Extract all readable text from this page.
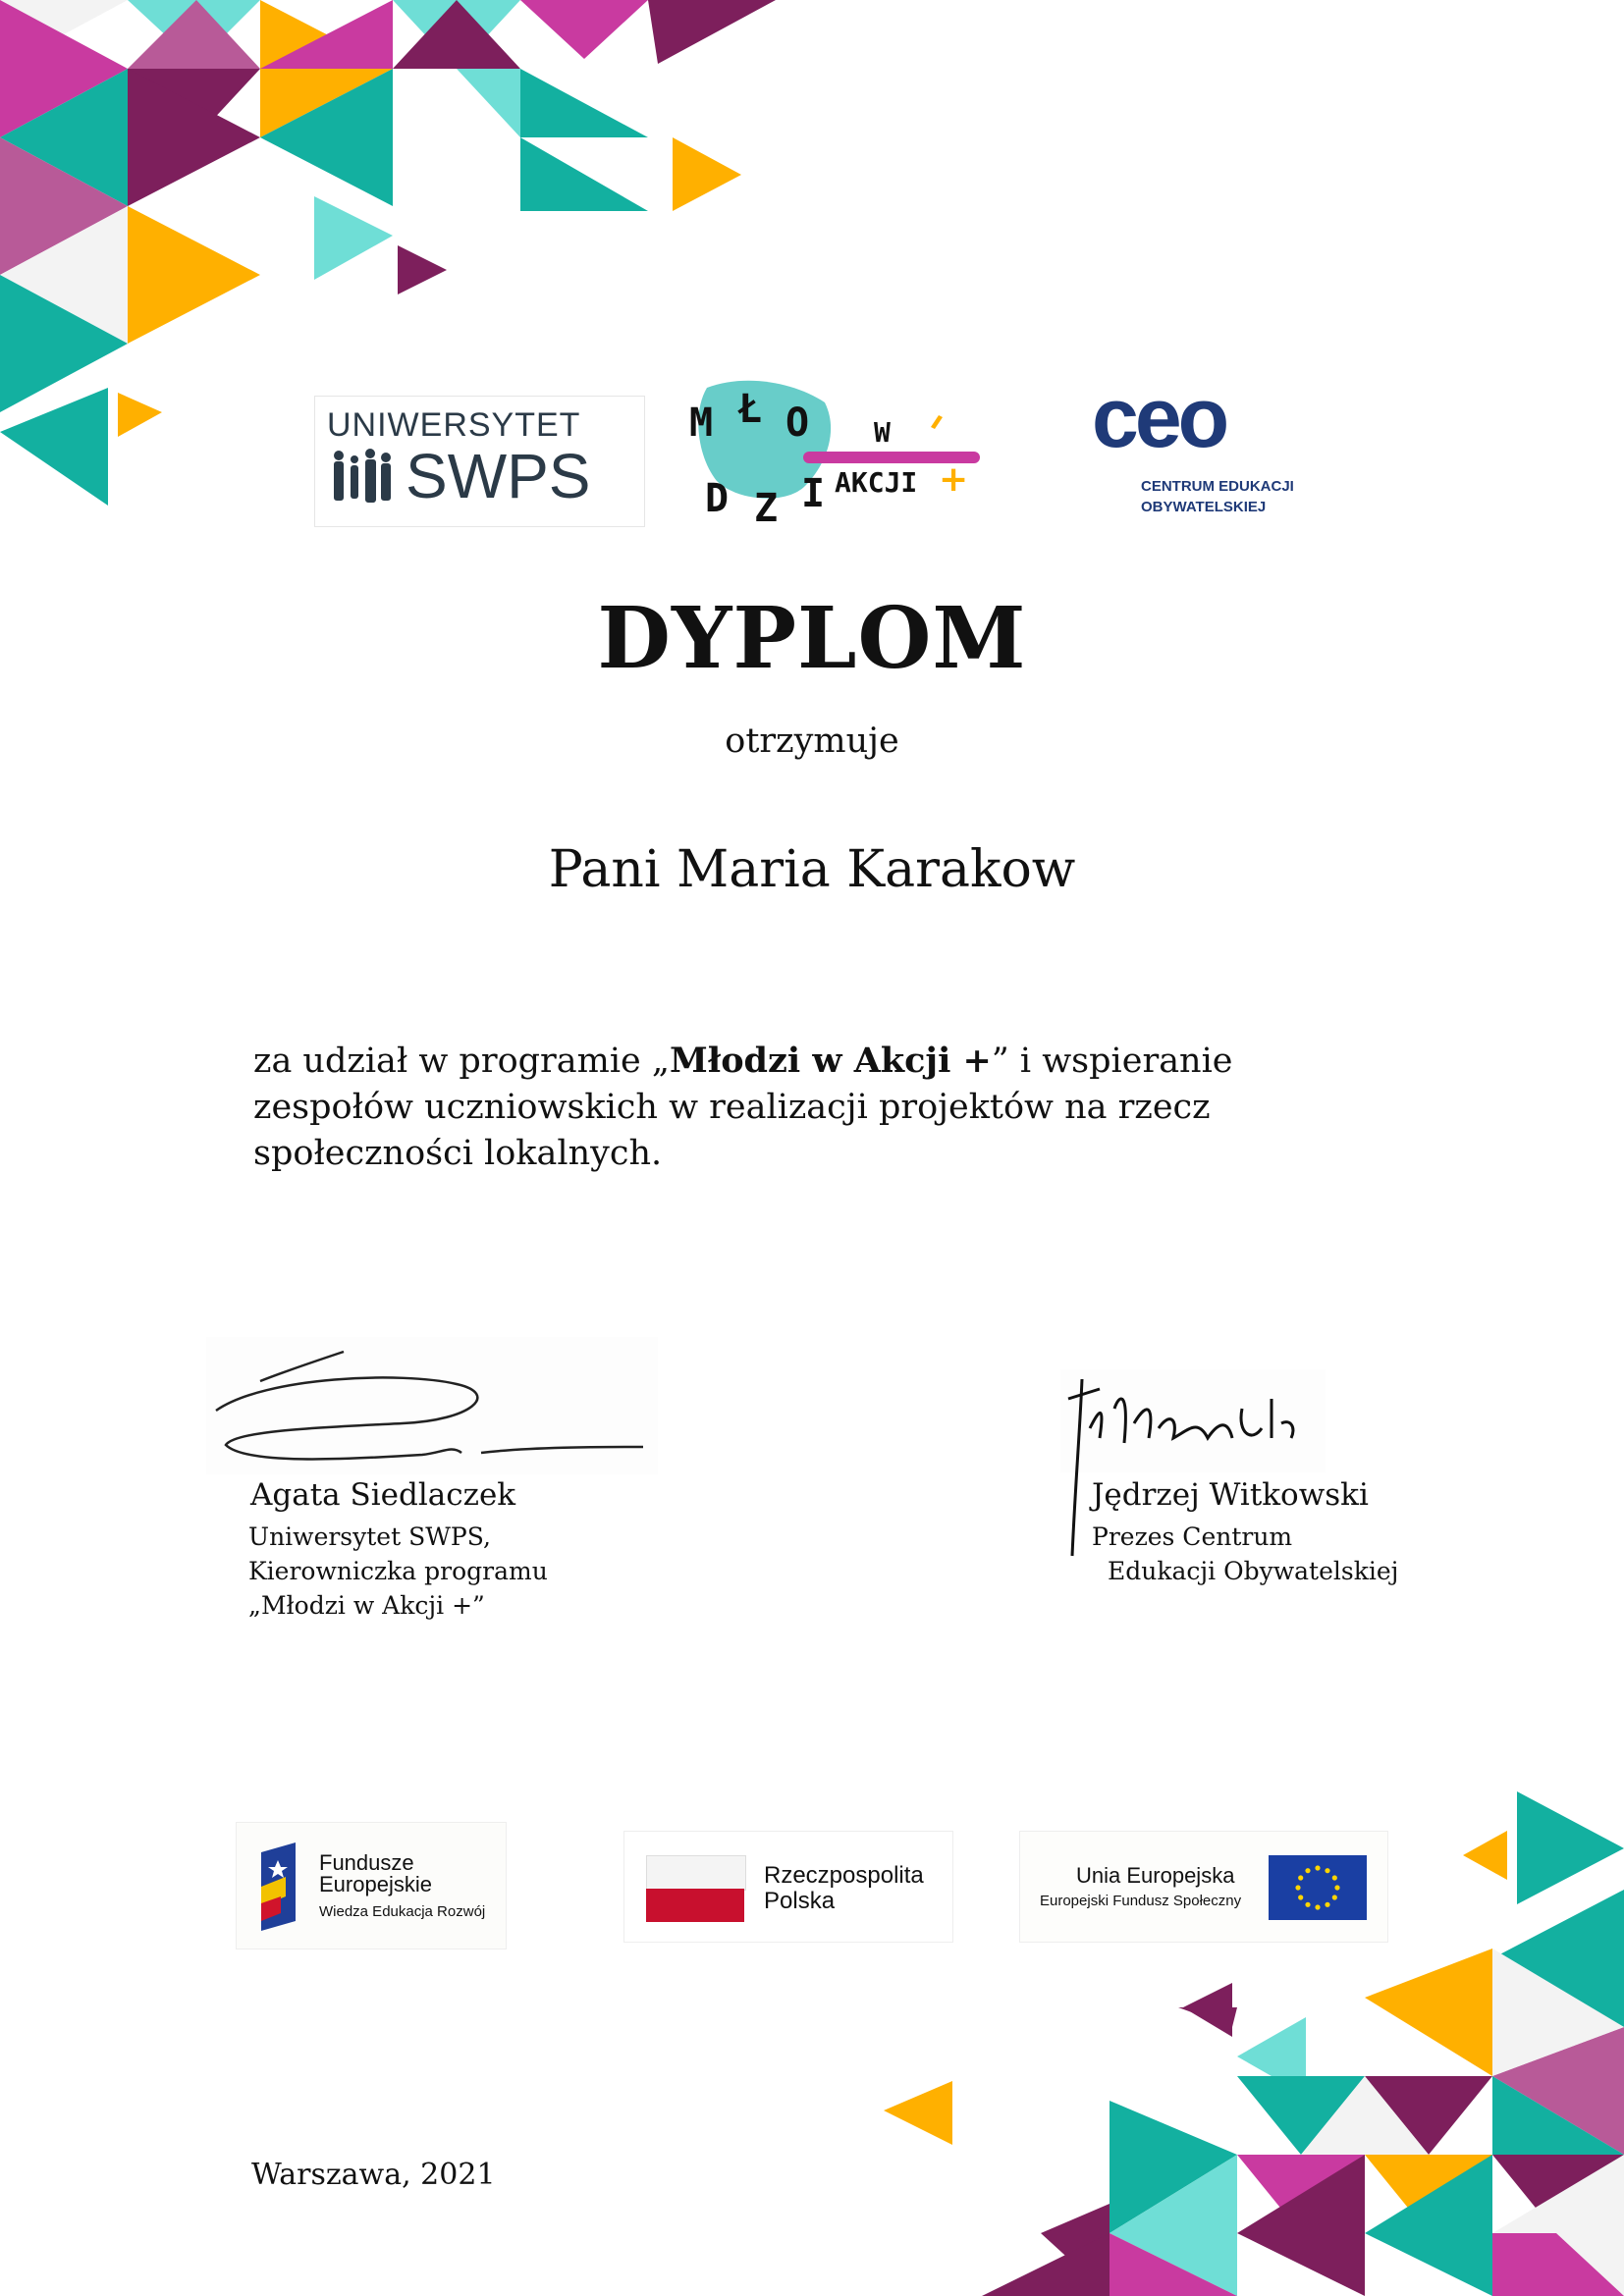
UNIWERSYTET
SWPS
M Ł O
D Z I
W
AKCJI +
ceo
CENTRUM EDUKACJI
OBYWATELSKIEJ
DYPLOM
otrzymuje
Pani Maria Karakow
za udział w programie „Młodzi w Akcji +” i wspieranie zespołów uczniowskich w realizacji projektów na rzecz społeczności lokalnych.
Agata Siedlaczek
Uniwersytet SWPS,
Kierowniczka programu
„Młodzi w Akcji +”
Jędrzej Witkowski
Prezes Centrum
Edukacji Obywatelskiej
Fundusze
Europejskie
Wiedza Edukacja Rozwój
Rzeczpospolita
Polska
Unia Europejska
Europejski Fundusz Społeczny
Warszawa, 2021
